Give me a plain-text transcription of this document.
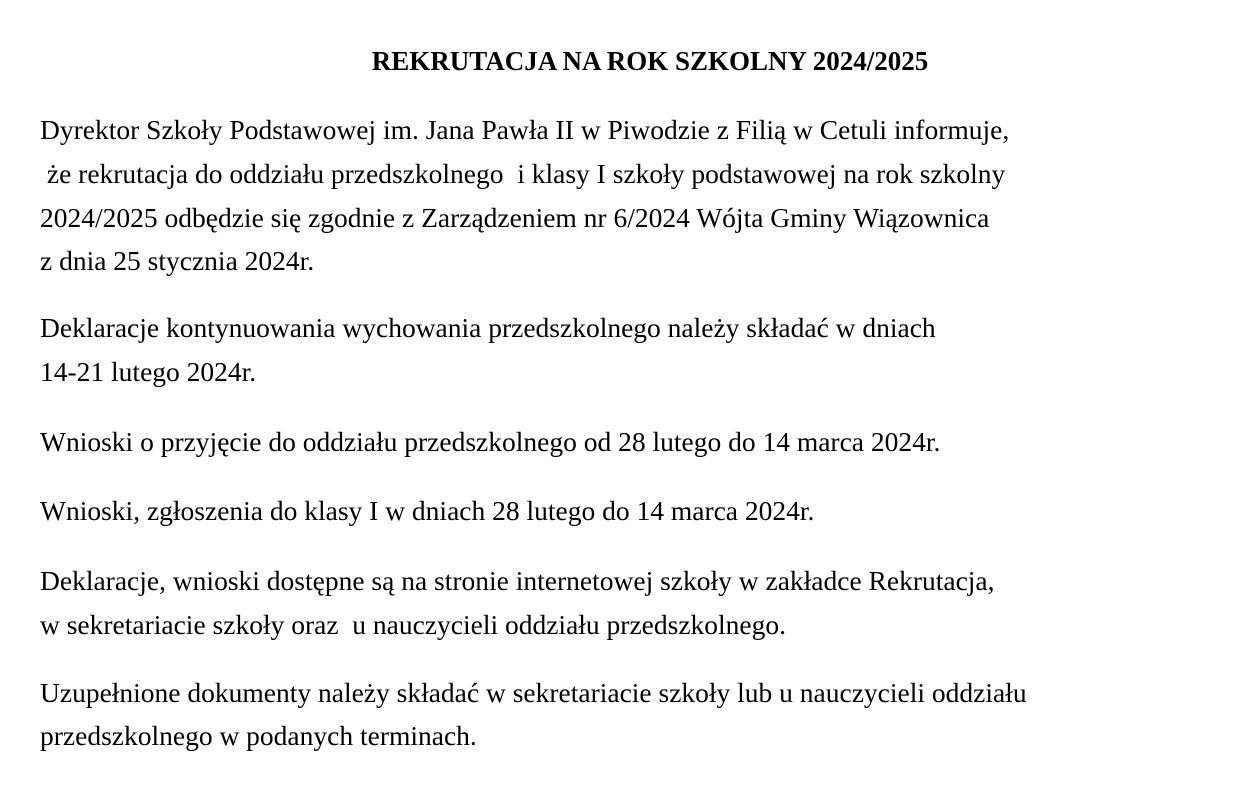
REKRUTACJA NA ROK SZKOLNY 2024/2025
Dyrektor Szkoły Podstawowej im. Jana Pawła II w Piwodzie z Filią w Cetuli informuje,
że rekrutacja do oddziału przedszkolnego  i klasy I szkoły podstawowej na rok szkolny
2024/2025 odbędzie się zgodnie z Zarządzeniem nr 6/2024 Wójta Gminy Wiązownica
z dnia 25 stycznia 2024r.
Deklaracje kontynuowania wychowania przedszkolnego należy składać w dniach
14-21 lutego 2024r.
Wnioski o przyjęcie do oddziału przedszkolnego od 28 lutego do 14 marca 2024r.
Wnioski, zgłoszenia do klasy I w dniach 28 lutego do 14 marca 2024r.
Deklaracje, wnioski dostępne są na stronie internetowej szkoły w zakładce Rekrutacja,
w sekretariacie szkoły oraz  u nauczycieli oddziału przedszkolnego.
Uzupełnione dokumenty należy składać w sekretariacie szkoły lub u nauczycieli oddziału
przedszkolnego w podanych terminach.
